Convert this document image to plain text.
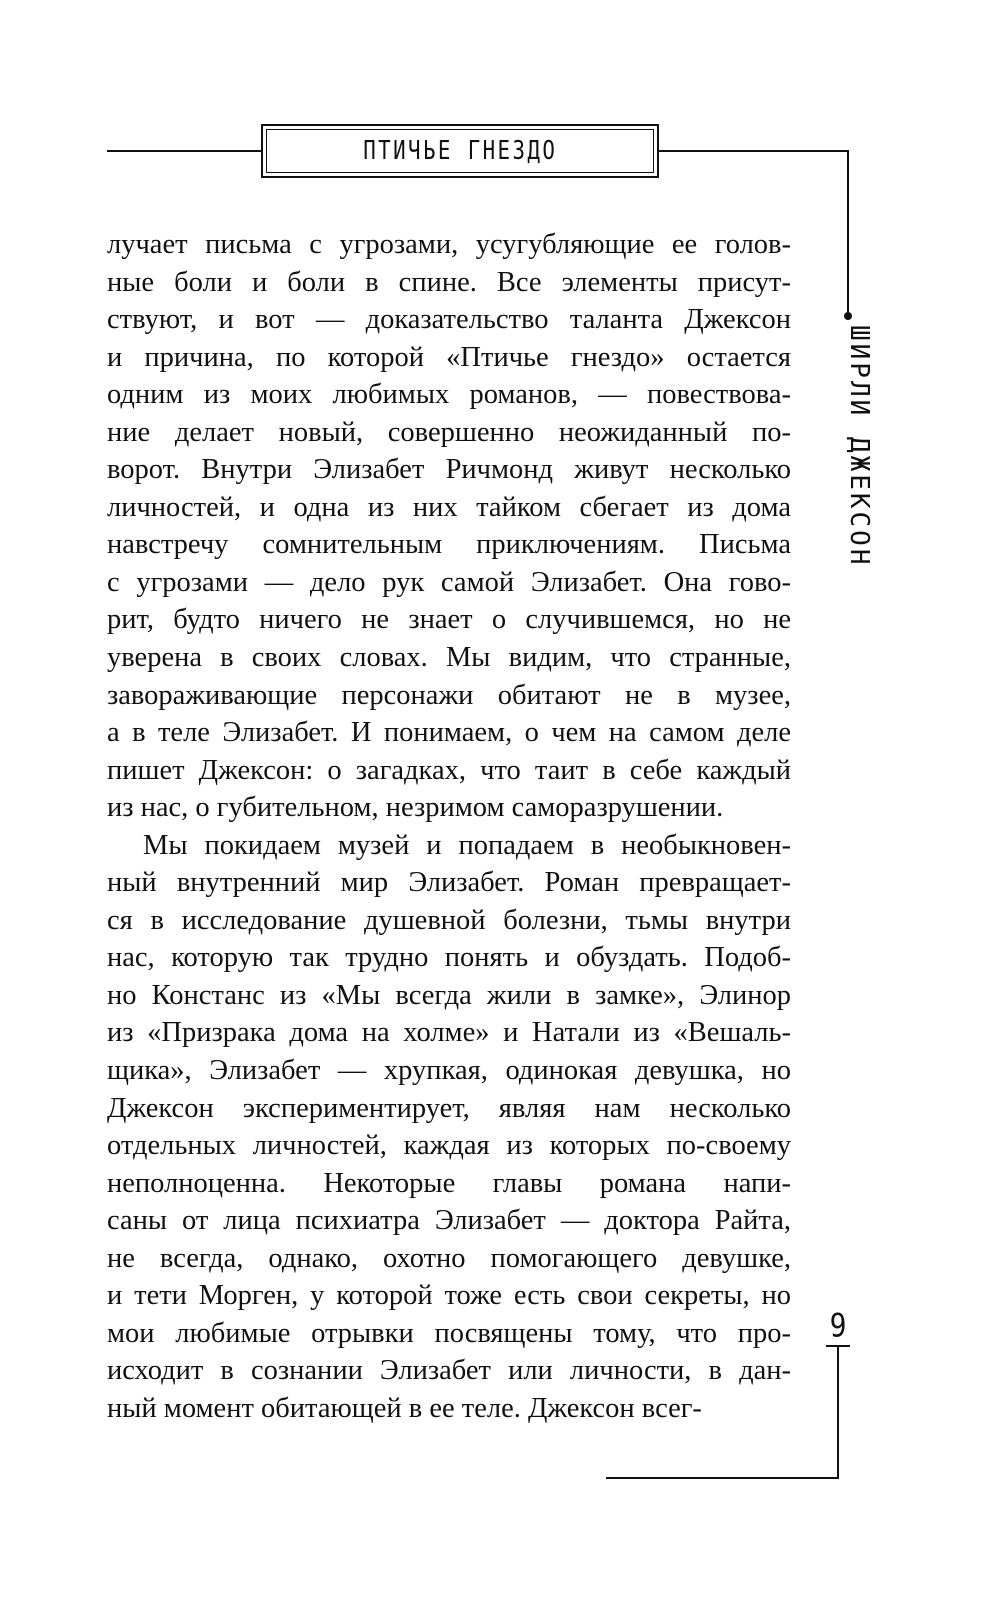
ПТИЧЬЕ ГНЕЗДО
ШИРЛИ ДЖЕКСОН
лучает письма с угрозами, усугубляющие ее голов-
ные боли и боли в спине. Все элементы присут-
ствуют, и вот — доказательство таланта Джексон
и причина, по которой «Птичье гнездо» остается
одним из моих любимых романов, — повествова-
ние делает новый, совершенно неожиданный по-
ворот. Внутри Элизабет Ричмонд живут несколько
личностей, и одна из них тайком сбегает из дома
навстречу сомнительным приключениям. Письма
с угрозами — дело рук самой Элизабет. Она гово-
рит, будто ничего не знает о случившемся, но не
уверена в своих словах. Мы видим, что странные,
завораживающие персонажи обитают не в музее,
а в теле Элизабет. И понимаем, о чем на самом деле
пишет Джексон: о загадках, что таит в себе каждый
из нас, о губительном, незримом саморазрушении.
Мы покидаем музей и попадаем в необыкновен-
ный внутренний мир Элизабет. Роман превращает-
ся в исследование душевной болезни, тьмы внутри
нас, которую так трудно понять и обуздать. Подоб-
но Констанс из «Мы всегда жили в замке», Элинор
из «Призрака дома на холме» и Натали из «Вешаль-
щика», Элизабет — хрупкая, одинокая девушка, но
Джексон экспериментирует, являя нам несколько
отдельных личностей, каждая из которых по-своему
неполноценна. Некоторые главы романа напи-
саны от лица психиатра Элизабет — доктора Райта,
не всегда, однако, охотно помогающего девушке,
и тети Морген, у которой тоже есть свои секреты, но
мои любимые отрывки посвящены тому, что про-
исходит в сознании Элизабет или личности, в дан-
ный момент обитающей в ее теле. Джексон всег-
9
